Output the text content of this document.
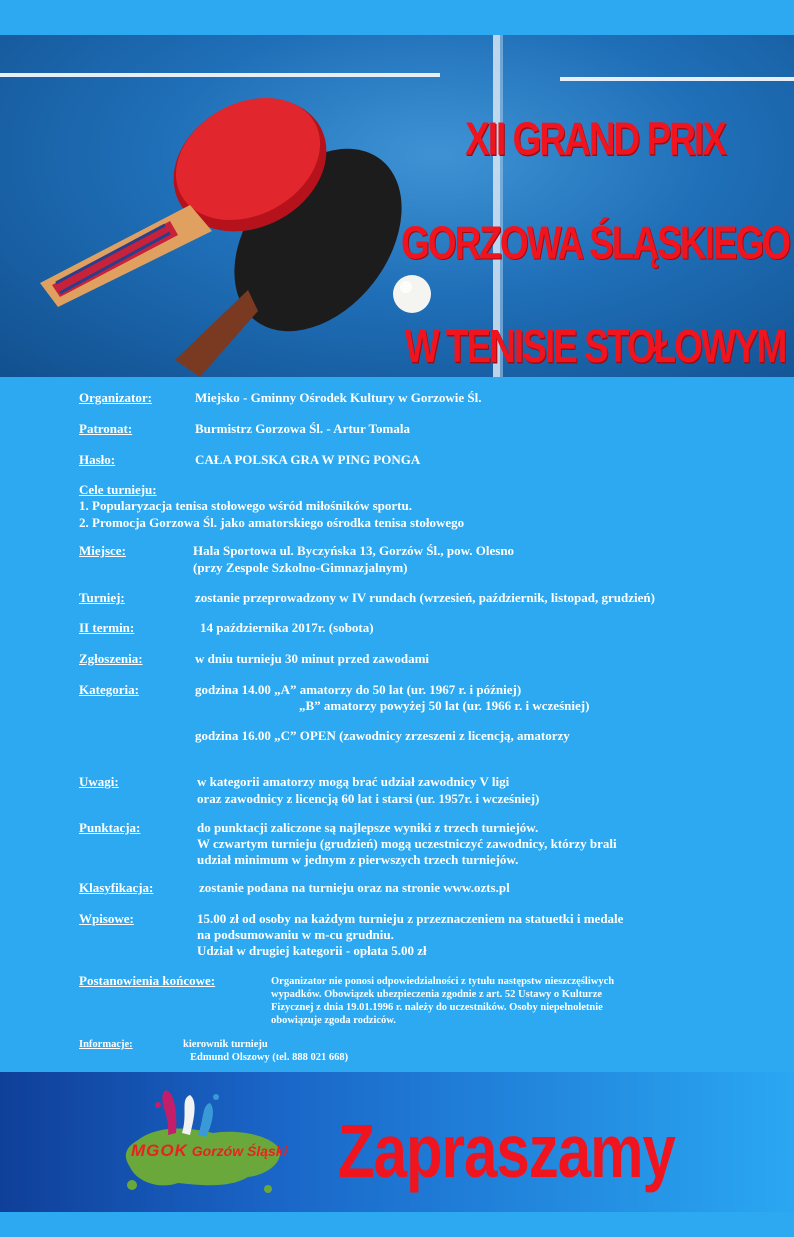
XII GRAND PRIX
GORZOWA ŚLĄSKIEGO
W TENISIE STOŁOWYM
Organizator:	Miejsko - Gminny Ośrodek Kultury w Gorzowie Śl.
Patronat:	Burmistrz Gorzowa Śl. - Artur Tomala
Hasło:	CAŁA POLSKA GRA W PING PONGA
Cele turnieju:
1. Popularyzacja tenisa stołowego wśród miłośników sportu.
2. Promocja Gorzowa Śl. jako amatorskiego ośrodka tenisa stołowego
Miejsce:	Hala Sportowa ul. Byczyńska 13, Gorzów Śl., pow. Olesno
(przy Zespole Szkolno-Gimnazjalnym)
Turniej:	zostanie przeprowadzony w IV rundach (wrzesień, październik, listopad, grudzień)
II termin:	14 października 2017r. (sobota)
Zgłoszenia:	w dniu turnieju 30 minut przed zawodami
Kategoria:	godzina 14.00 „A” amatorzy do 50 lat (ur. 1967 r. i później)
„B” amatorzy powyżej 50 lat (ur. 1966 r. i wcześniej)
godzina 16.00 „C” OPEN (zawodnicy zrzeszeni z licencją, amatorzy
Uwagi:	w kategorii amatorzy mogą brać udział zawodnicy V ligi
oraz zawodnicy z licencją 60 lat i starsi (ur. 1957r. i wcześniej)
Punktacja:	do punktacji zaliczone są najlepsze wyniki z trzech turniejów.
W czwartym turnieju (grudzień) mogą uczestniczyć zawodnicy, którzy brali
udział minimum w jednym z pierwszych trzech turniejów.
Klasyfikacja:	zostanie podana na turnieju oraz na stronie www.ozts.pl
Wpisowe:	15.00 zł od osoby na każdym turnieju z przeznaczeniem na statuetki i medale
na podsumowaniu w m-cu grudniu.
Udział w drugiej kategorii - opłata 5.00 zł
Postanowienia końcowe:	Organizator nie ponosi odpowiedzialności z tytułu następstw nieszczęśliwych
wypadków. Obowiązek ubezpieczenia zgodnie z art. 52 Ustawy o Kulturze
Fizycznej z dnia 19.01.1996 r. należy do uczestników. Osoby niepełnoletnie
obowiązuje zgoda rodziców.
Informacje:	kierownik turnieju
Edmund Olszowy (tel. 888 021 668)
MGOK Gorzów Śląski Zapraszamy
